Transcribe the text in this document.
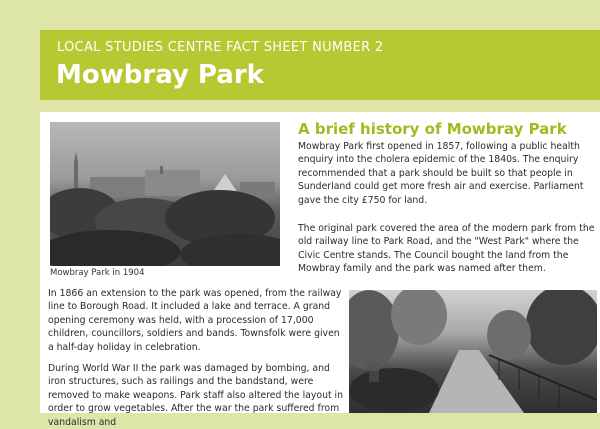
LOCAL STUDIES CENTRE FACT SHEET NUMBER 2
Mowbray Park
Mowbray Park in 1904
A brief history of Mowbray Park

Mowbray Park first opened in 1857, following a public health enquiry into the cholera epidemic of the 1840s. The enquiry recommended that a park should be built so that people in Sunderland could get more fresh air and exercise. Parliament gave the city £750 for land.

The original park covered the area of the modern park from the old railway line to Park Road, and the "West Park" where the Civic Centre stands. The Council bought the land from the Mowbray family and the park was named after them.

In 1866 an extension to the park was opened, from the railway line to Borough Road. It included a lake and terrace. A grand opening ceremony was held, with a procession of 17,000 children, councillors, soldiers and bands. Townsfolk were given a half-day holiday in celebration.

During World War II the park was damaged by bombing, and iron structures, such as railings and the bandstand, were removed to make weapons. Park staff also altered the layout in order to grow vegetables. After the war the park suffered from vandalism and
